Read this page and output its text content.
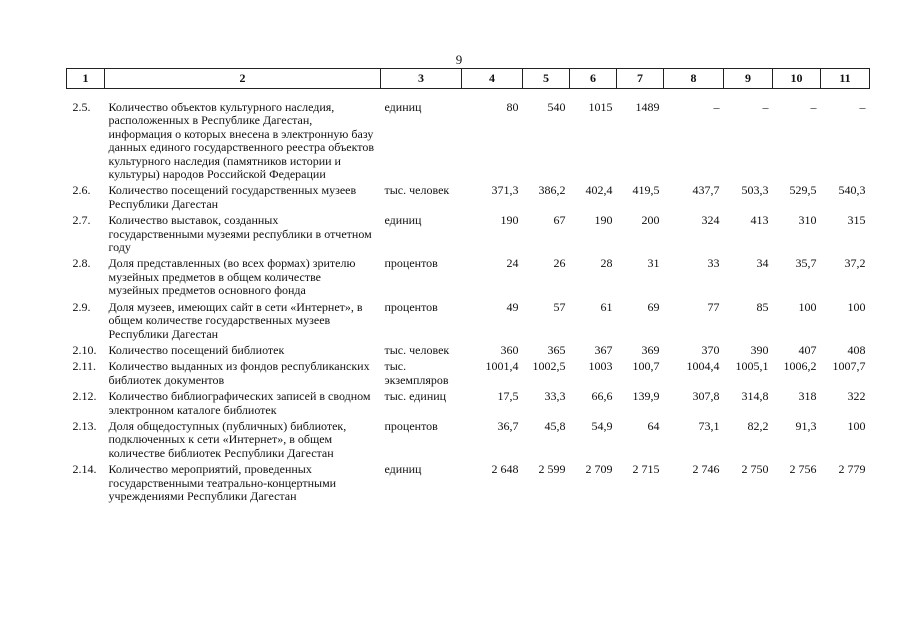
9
1	2	3	4	5	6	7	8	9	10	11

2.5.	Количество объектов культурного наследия, расположенных в Республике Дагестан, информация о которых внесена в электронную базу данных единого государственного реестра объектов культурного наследия (памятников истории и культуры) народов Российской Федерации	единиц	80	540	1015	1489	–	–	–	–
2.6.	Количество посещений государственных музеев Республики Дагестан	тыс. человек	371,3	386,2	402,4	419,5	437,7	503,3	529,5	540,3
2.7.	Количество выставок, созданных государственными музеями республики в отчетном году	единиц	190	67	190	200	324	413	310	315
2.8.	Доля представленных (во всех формах) зрителю музейных предметов в общем количестве музейных предметов основного фонда	процентов	24	26	28	31	33	34	35,7	37,2
2.9.	Доля музеев, имеющих сайт в сети «Интернет», в общем количестве государственных музеев Республики Дагестан	процентов	49	57	61	69	77	85	100	100
2.10.	Количество посещений библиотек	тыс. человек	360	365	367	369	370	390	407	408
2.11.	Количество выданных из фондов республиканских библиотек документов	тыс. экземпляров	1001,4	1002,5	1003	100,7	1004,4	1005,1	1006,2	1007,7
2.12.	Количество библиографических записей в сводном электронном каталоге библиотек	тыс. единиц	17,5	33,3	66,6	139,9	307,8	314,8	318	322
2.13.	Доля общедоступных (публичных) библиотек, подключенных к сети «Интернет», в общем количестве библиотек Республики Дагестан	процентов	36,7	45,8	54,9	64	73,1	82,2	91,3	100
2.14.	Количество мероприятий, проведенных государственными театрально-концертными учреждениями Республики Дагестан	единиц	2 648	2 599	2 709	2 715	2 746	2 750	2 756	2 779
